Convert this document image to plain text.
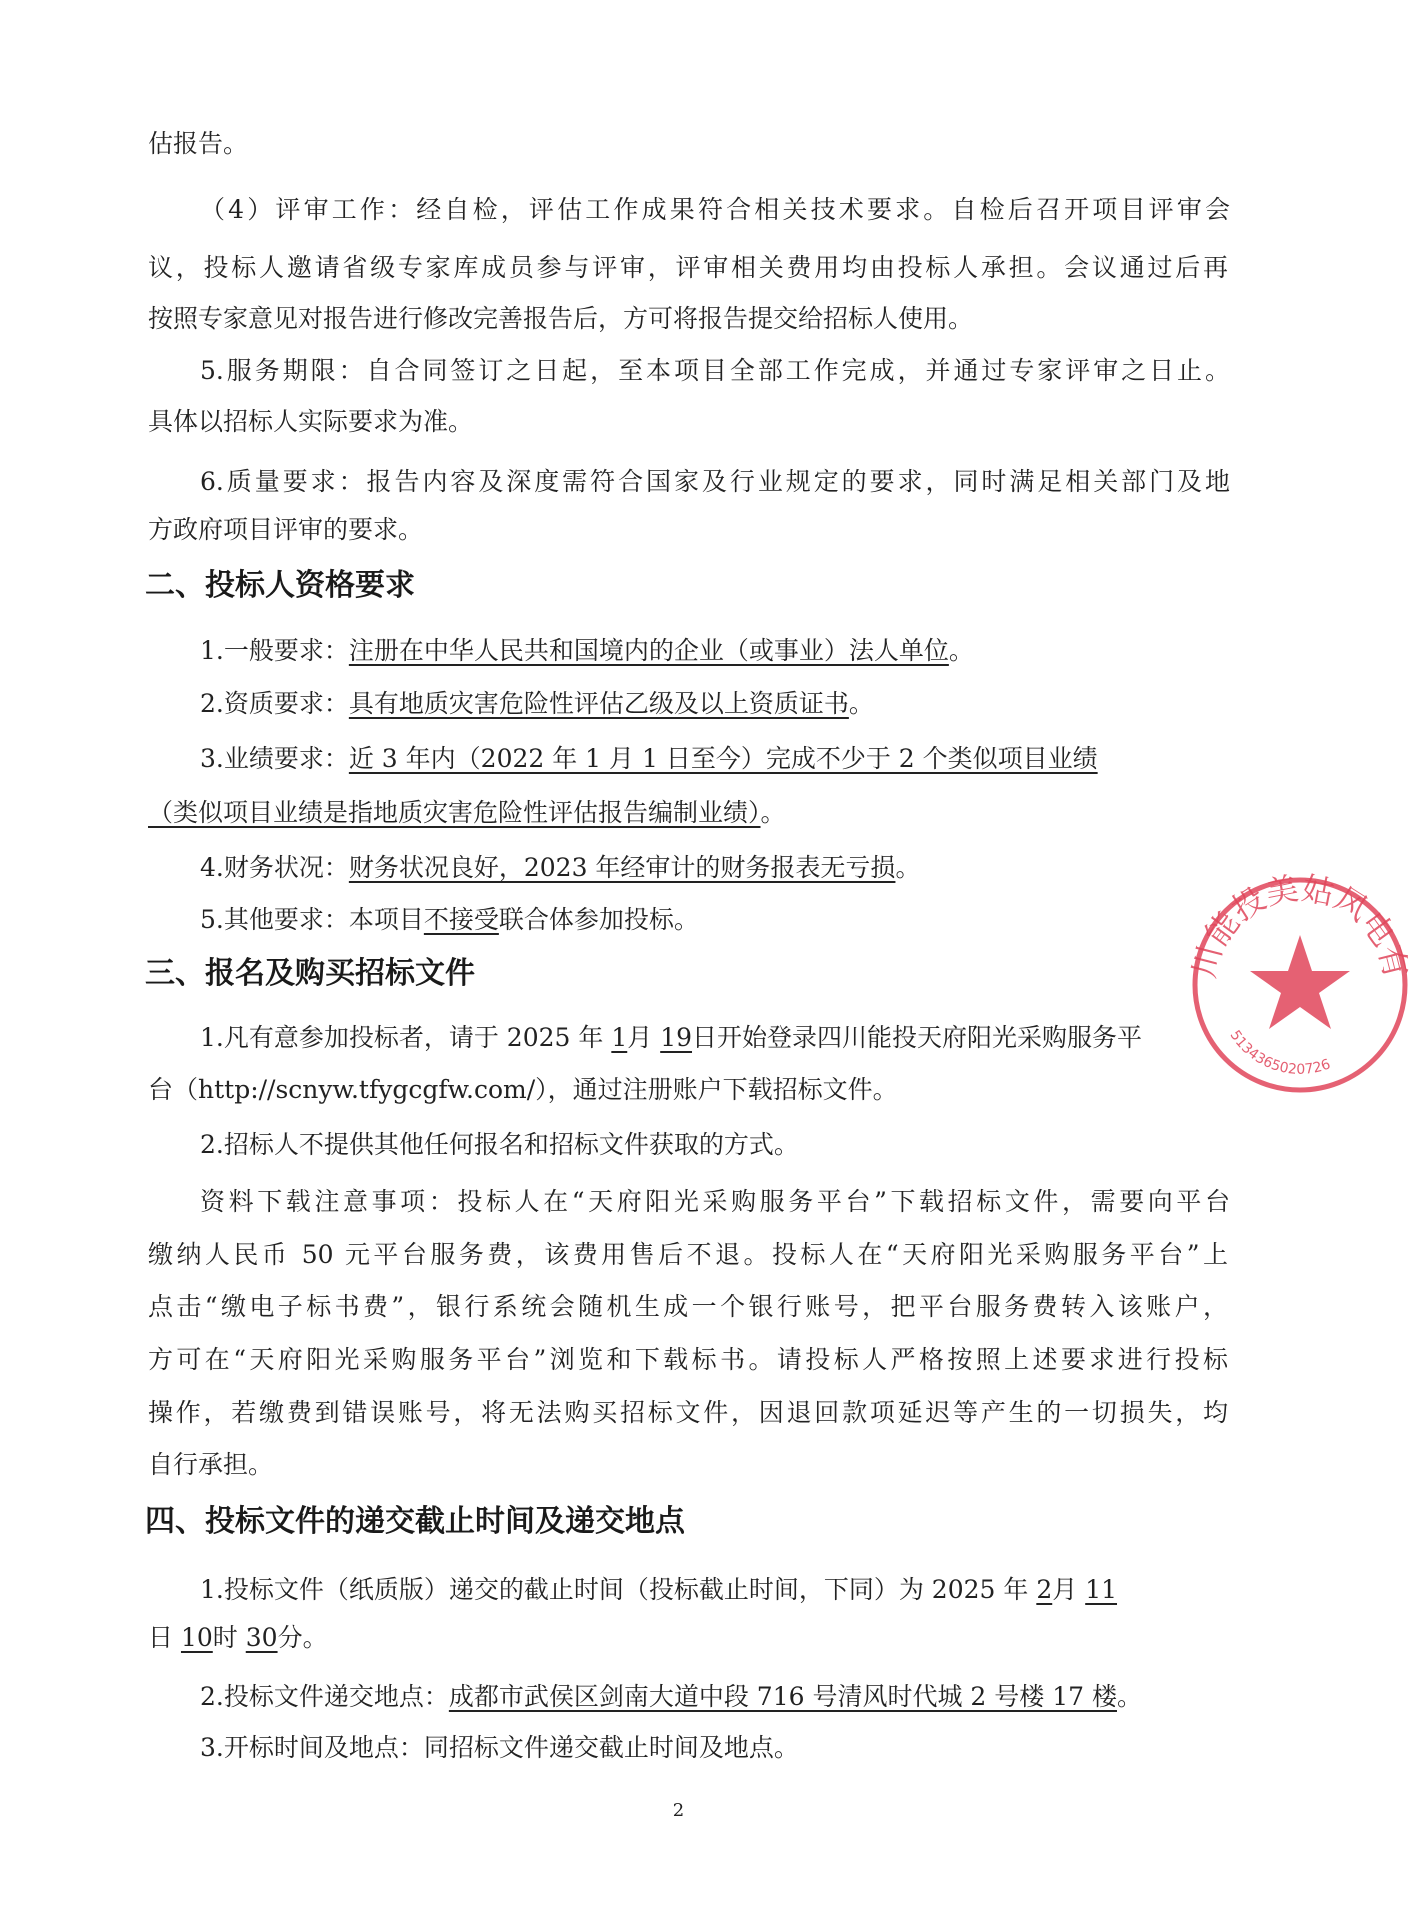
估报告。
（4）评审工作：经自检，评估工作成果符合相关技术要求。自检后召开项目评审会
议，投标人邀请省级专家库成员参与评审，评审相关费用均由投标人承担。会议通过后再
按照专家意见对报告进行修改完善报告后，方可将报告提交给招标人使用。
5.服务期限：自合同签订之日起，至本项目全部工作完成，并通过专家评审之日止。
具体以招标人实际要求为准。
6.质量要求：报告内容及深度需符合国家及行业规定的要求，同时满足相关部门及地
方政府项目评审的要求。
二、投标人资格要求
1.一般要求：注册在中华人民共和国境内的企业（或事业）法人单位。
2.资质要求：具有地质灾害危险性评估乙级及以上资质证书。
3.业绩要求：近 3 年内（2022 年 1 月 1 日至今）完成不少于 2 个类似项目业绩
（类似项目业绩是指地质灾害危险性评估报告编制业绩）。
4.财务状况：财务状况良好，2023 年经审计的财务报表无亏损。
5.其他要求：本项目不接受联合体参加投标。
三、报名及购买招标文件
1.凡有意参加投标者，请于 2025 年 1月 19日开始登录四川能投天府阳光采购服务平
台（http://scnyw.tfygcgfw.com/），通过注册账户下载招标文件。
2.招标人不提供其他任何报名和招标文件获取的方式。
资料下载注意事项：投标人在“天府阳光采购服务平台”下载招标文件，需要向平台
缴纳人民币 50 元平台服务费，该费用售后不退。投标人在“天府阳光采购服务平台”上
点击“缴电子标书费”，银行系统会随机生成一个银行账号，把平台服务费转入该账户，
方可在“天府阳光采购服务平台”浏览和下载标书。请投标人严格按照上述要求进行投标
操作，若缴费到错误账号，将无法购买招标文件，因退回款项延迟等产生的一切损失，均
自行承担。
四、投标文件的递交截止时间及递交地点
1.投标文件（纸质版）递交的截止时间（投标截止时间，下同）为 2025 年 2月 11
日 10时 30分。
2.投标文件递交地点：成都市武侯区剑南大道中段 716 号清风时代城 2 号楼 17 楼。
3.开标时间及地点：同招标文件递交截止时间及地点。
2
川能投美姑风电有
5134365020726
